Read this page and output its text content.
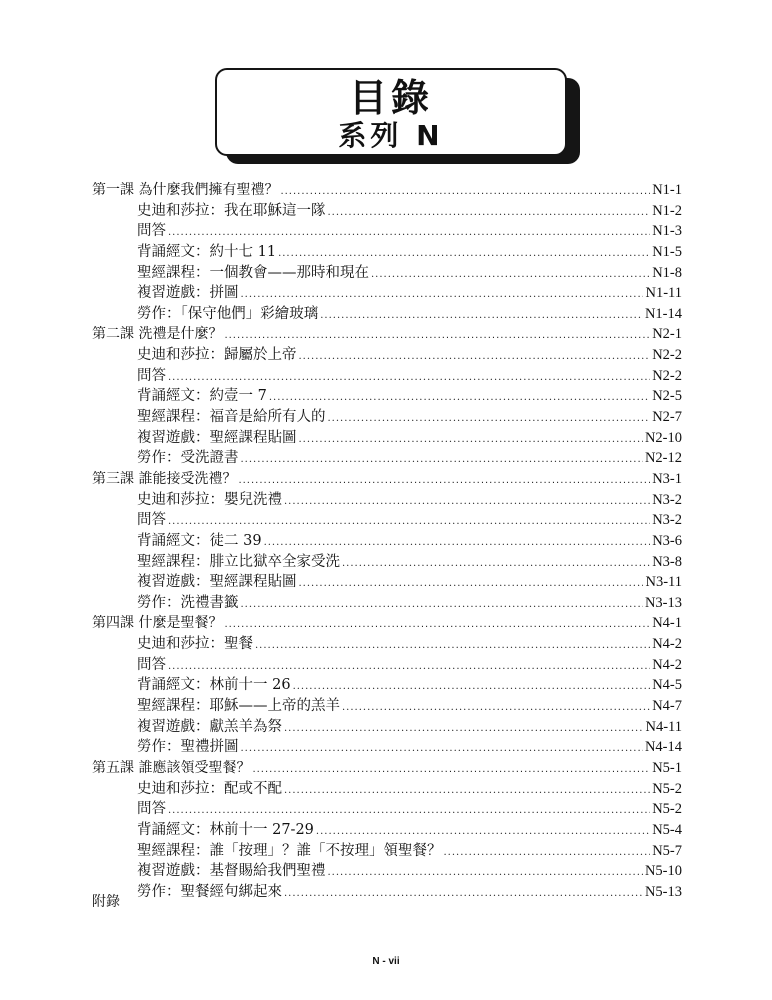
目錄
系列 N
第一課 為什麼我們擁有聖禮？ .....	N1-1
史迪和莎拉：我在耶穌這一隊 .....	N1-2
問答 .....	N1-3
背誦經文：約十七 11 .....	N1-5
聖經課程：一個教會——那時和現在 .....	N1-8
複習遊戲：拼圖 .....	N1-11
勞作：「保守他們」彩繪玻璃 .....	N1-14
第二課 洗禮是什麼？ .....	N2-1
史迪和莎拉：歸屬於上帝 .....	N2-2
問答 .....	N2-2
背誦經文：約壹一 7 .....	N2-5
聖經課程：福音是給所有人的 .....	N2-7
複習遊戲：聖經課程貼圖 .....	N2-10
勞作：受洗證書 .....	N2-12
第三課 誰能接受洗禮？ .....	N3-1
史迪和莎拉：嬰兒洗禮 .....	N3-2
問答 .....	N3-2
背誦經文：徒二 39 .....	N3-6
聖經課程：腓立比獄卒全家受洗 .....	N3-8
複習遊戲：聖經課程貼圖 .....	N3-11
勞作：洗禮書籤 .....	N3-13
第四課 什麼是聖餐？ .....	N4-1
史迪和莎拉：聖餐 .....	N4-2
問答 .....	N4-2
背誦經文：林前十一 26 .....	N4-5
聖經課程：耶穌——上帝的羔羊 .....	N4-7
複習遊戲：獻羔羊為祭 .....	N4-11
勞作：聖禮拼圖 .....	N4-14
第五課 誰應該領受聖餐？ .....	N5-1
史迪和莎拉：配或不配 .....	N5-2
問答 .....	N5-2
背誦經文：林前十一 27-29 .....	N5-4
聖經課程：誰「按理」？誰「不按理」領聖餐？ .....	N5-7
複習遊戲：基督賜給我們聖禮 .....	N5-10
勞作：聖餐經句綁起來 .....	N5-13
附錄
N - vii
